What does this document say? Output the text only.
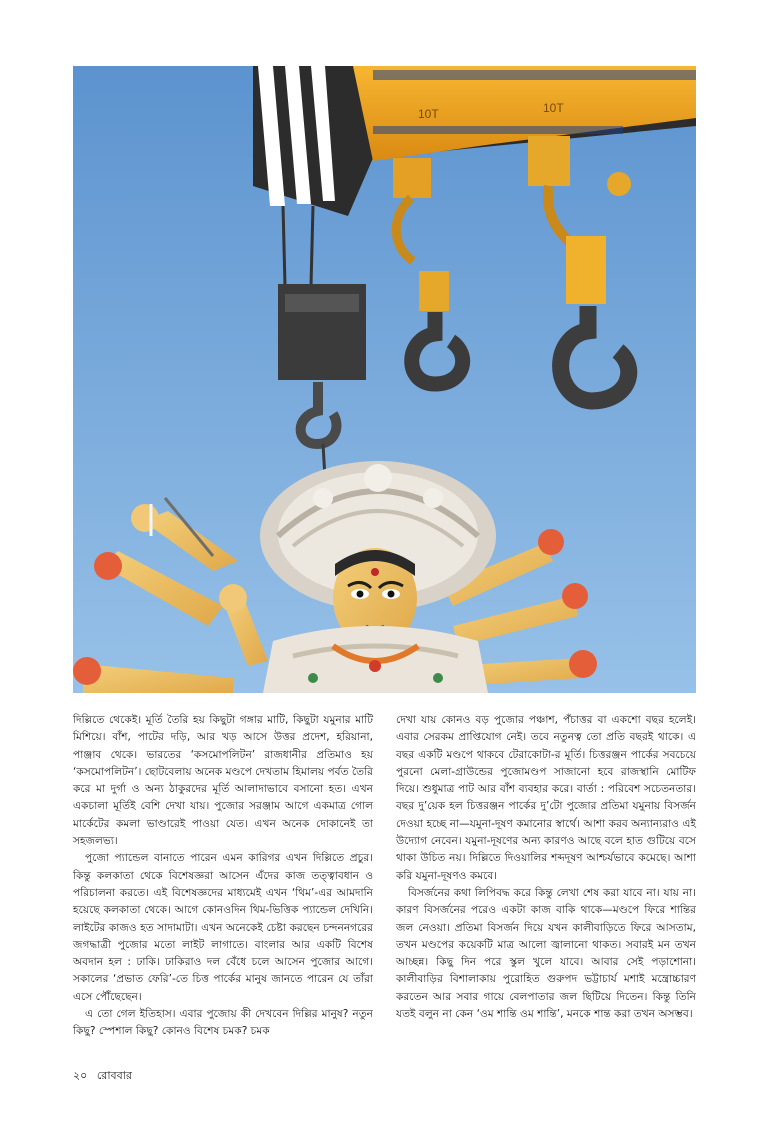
10T	10T

দিল্লিতে থেকেই। মূর্তি তৈরি হয় কিছুটা গঙ্গার মাটি, কিছুটা যমুনার মাটি মিশিয়ে। বাঁশ, পাটের দড়ি, আর খড় আসে উত্তর প্রদেশ, হরিয়ানা, পাঞ্জাব থেকে। ভারতের ‘কসমোপলিটন’ রাজধানীর প্রতিমাও হয় ‘কসমোপলিটন’। ছোটবেলায় অনেক মণ্ডপে দেখতাম হিমালয় পর্বত তৈরি করে মা দুর্গা ও অন্য ঠাকুরদের মূর্তি আলাদাভাবে বসানো হত। এখন একচালা মূর্তিই বেশি দেখা যায়। পুজোর সরঞ্জাম আগে একমাত্র গোল মার্কেটের কমলা ভাণ্ডারেই পাওয়া যেত। এখন অনেক দোকানেই তা সহজলভ্য।

পুজো প্যান্ডেল বানাতে পারেন এমন কারিগর এখন দিল্লিতে প্রচুর। কিন্তু কলকাতা থেকে বিশেষজ্ঞরা আসেন এঁদের কাজ তত্ত্বাবধান ও পরিচালনা করতে। এই বিশেষজ্ঞদের মাধ্যমেই এখন ‘থিম’-এর আমদানি হয়েছে কলকাতা থেকে। আগে কোনওদিন থিম-ভিত্তিক প্যান্ডেল দেখিনি। লাইটের কাজও হত সাদামাটা। এখন অনেকেই চেষ্টা করছেন চন্দননগরের জগদ্ধাত্রী পুজোর মতো লাইট লাগাতে। বাংলার আর একটি বিশেষ অবদান হল : ঢাকি। ঢাকিরাও দল বেঁধে চলে আসেন পুজোর আগে। সকালের ‘প্রভাত ফেরি’-তে চিত্ত পার্কের মানুষ জানতে পারেন যে তাঁরা এসে পৌঁছেছেন।

এ তো গেল ইতিহাস। এবার পুজোয় কী দেখবেন দিল্লির মানুষ? নতুন কিছু? স্পেশাল কিছু? কোনও বিশেষ চমক? চমক

দেখা যায় কোনও বড় পুজোর পঞ্চাশ, পঁচাত্তর বা একশো বছর হলেই। এবার সেরকম প্রাপ্তিযোগ নেই। তবে নতুনত্ব তো প্রতি বছরই থাকে। এ বছর একটি মণ্ডপে থাকবে টেরাকোটা-র মূর্তি। চিত্তরঞ্জন পার্কের সবচেয়ে পুরনো মেলা-গ্রাউন্ডের পুজোমণ্ডপ সাজানো হবে রাজস্থানি মোটিফ দিয়ে। শুধুমাত্র পাট আর বাঁশ ব্যবহার করে। বার্তা : পরিবেশ সচেতনতার। বছর দু’য়েক হল চিত্তরঞ্জন পার্কের দু’টো পুজোর প্রতিমা যমুনায় বিসর্জন দেওয়া হচ্ছে না—যমুনা-দূষণ কমানোর স্বার্থে। আশা করব অন্যান্যরাও এই উদ্যোগ নেবেন। যমুনা-দূষণের অন্য কারণও আছে বলে হাত গুটিয়ে বসে থাকা উচিত নয়। দিল্লিতে দিওয়ালির শব্দদূষণ আশ্চর্যভাবে কমেছে। আশা করি যমুনা-দূষণও কমবে।

বিসর্জনের কথা লিপিবদ্ধ করে কিন্তু লেখা শেষ করা যাবে না। যায় না। কারণ বিসর্জনের পরেও একটা কাজ বাকি থাকে—মণ্ডপে ফিরে শান্তির জল নেওয়া। প্রতিমা বিসর্জন দিয়ে যখন কালীবাড়িতে ফিরে আসতাম, তখন মণ্ডপের কয়েকটি মাত্র আলো জ্বালানো থাকত। সবারই মন তখন আচ্ছন্ন। কিছু দিন পরে স্কুল খুলে যাবে। আবার সেই পড়াশোনা। কালীবাড়ির বিশালাকায় পুরোহিত গুরুপদ ভট্টাচার্য মশাই মন্ত্রোচ্চারণ করতেন আর সবার গায়ে বেলপাতার জল ছিটিয়ে দিতেন। কিন্তু তিনি যতই বলুন না কেন ‘ওম শান্তি ওম শান্তি’, মনকে শান্ত করা তখন অসম্ভব।

২০ রোববার
